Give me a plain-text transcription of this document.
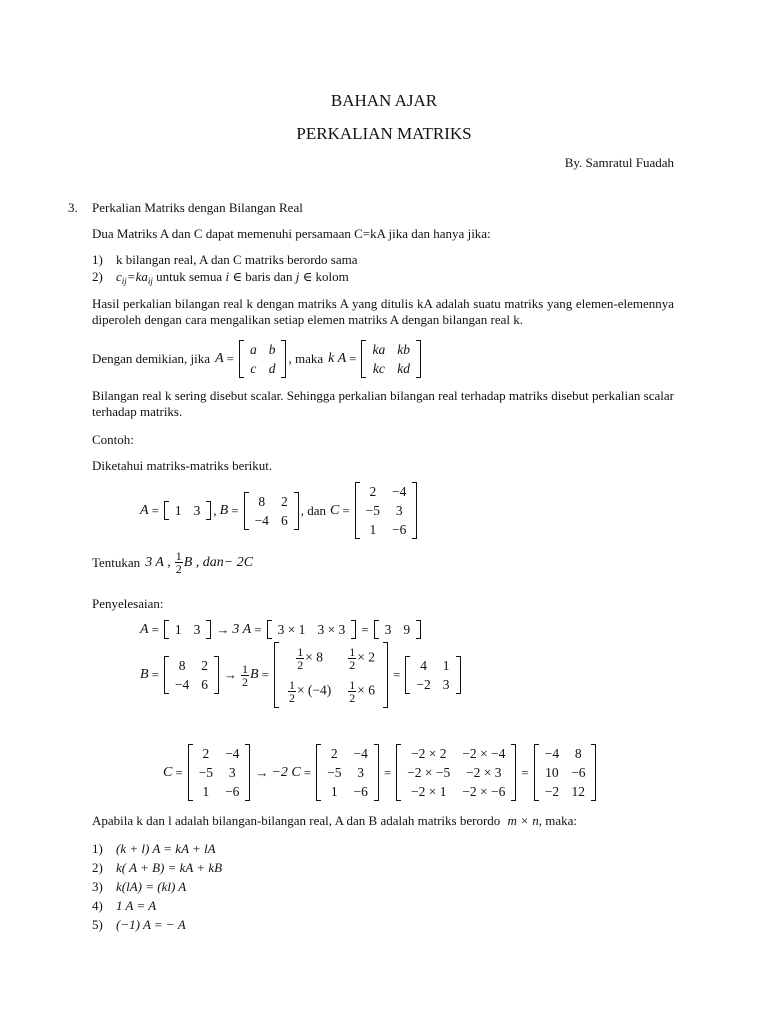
BAHAN AJAR
PERKALIAN MATRIKS
By. Samratul Fuadah
3. Perkalian Matriks dengan Bilangan Real
Dua Matriks A dan C dapat memenuhi persamaan C=kA jika dan hanya jika:
1) k bilangan real, A dan C matriks berordo sama
2) $c_{ij}=ka_{ij}$ untuk semua i ∈ baris dan j ∈ kolom
Hasil perkalian bilangan real k dengan matriks A yang ditulis kA adalah suatu matriks yang elemen-elemennya diperoleh dengan cara mengalikan setiap elemen matriks A dengan bilangan real k.
Dengan demikian, jika A =
a	b
c	d
, maka k A =
ka	kb
kc	kd
Bilangan real k sering disebut scalar. Sehingga perkalian bilangan real terhadap matriks disebut perkalian scalar terhadap matriks.
Contoh:
Diketahui matriks-matriks berikut.
A = 1	3 , B =
8	2
−4	6
, dan C =
2	−4
−5	3
1	−6
Tentukan 3 A , $\frac{1}{2}$ B , dan− 2C
Penyelesaian:
A = 1	3 → 3 A = 3 × 1	3 × 3 = 3	9
B =
8	2
−4	6
→ $\frac{1}{2}$ B =
$\frac{1}{2} \times 8$	$\frac{1}{2} \times 2$

$\frac{1}{2} \times (-4)$	$\frac{1}{2} \times 6$
=
4	1
−2	3
C =
2	−4
−5	3
1	−6
→ −2 C =
2	−4
−5	3
1	−6
=
−2 × 2	−2 × −4
−2 × −5	−2 × 3
−2 × 1	−2 × −6
=
−4	8
10	−6
−2	12
Apabila k dan l adalah bilangan-bilangan real, A dan B adalah matriks berordo m × n, maka:
1) (k + l) A = kA + lA
2) k( A + B) = kA + kB
3) k(lA) = (kl) A
4) 1 A = A
5) (−1) A = − A
